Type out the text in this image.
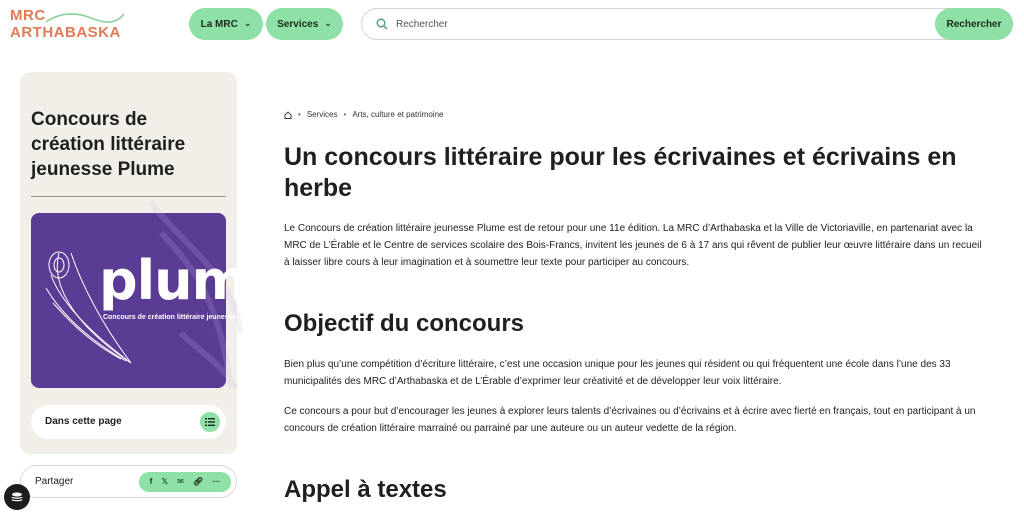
MRC
ARTHABASKA	La MRC ⌄	Services ⌄
Rechercher	Rechercher
Concours de création littéraire jeunesse Plume
plume
Concours de création littéraire jeunesse
Dans cette page
Partager	f 𝕏 ✉ 🔗︎ ···
• Services • Arts, culture et patrimoine
Un concours littéraire pour les écrivaines et écrivains en herbe

Le Concours de création littéraire jeunesse Plume est de retour pour une 11e édition. La MRC d’Arthabaska et la Ville de Victoriaville, en partenariat avec la MRC de L’Érable et le Centre de services scolaire des Bois-Francs, invitent les jeunes de 6 à 17 ans qui rêvent de publier leur œuvre littéraire dans un recueil à laisser libre cours à leur imagination et à soumettre leur texte pour participer au concours.

Objectif du concours

Bien plus qu’une compétition d’écriture littéraire, c’est une occasion unique pour les jeunes qui résident ou qui fréquentent une école dans l’une des 33 municipalités des MRC d’Arthabaska et de L’Érable d’exprimer leur créativité et de développer leur voix littéraire.

Ce concours a pour but d’encourager les jeunes à explorer leurs talents d’écrivaines ou d’écrivains et à écrire avec fierté en français, tout en participant à un concours de création littéraire marrainé ou parrainé par une auteure ou un auteur vedette de la région.

Appel à textes
